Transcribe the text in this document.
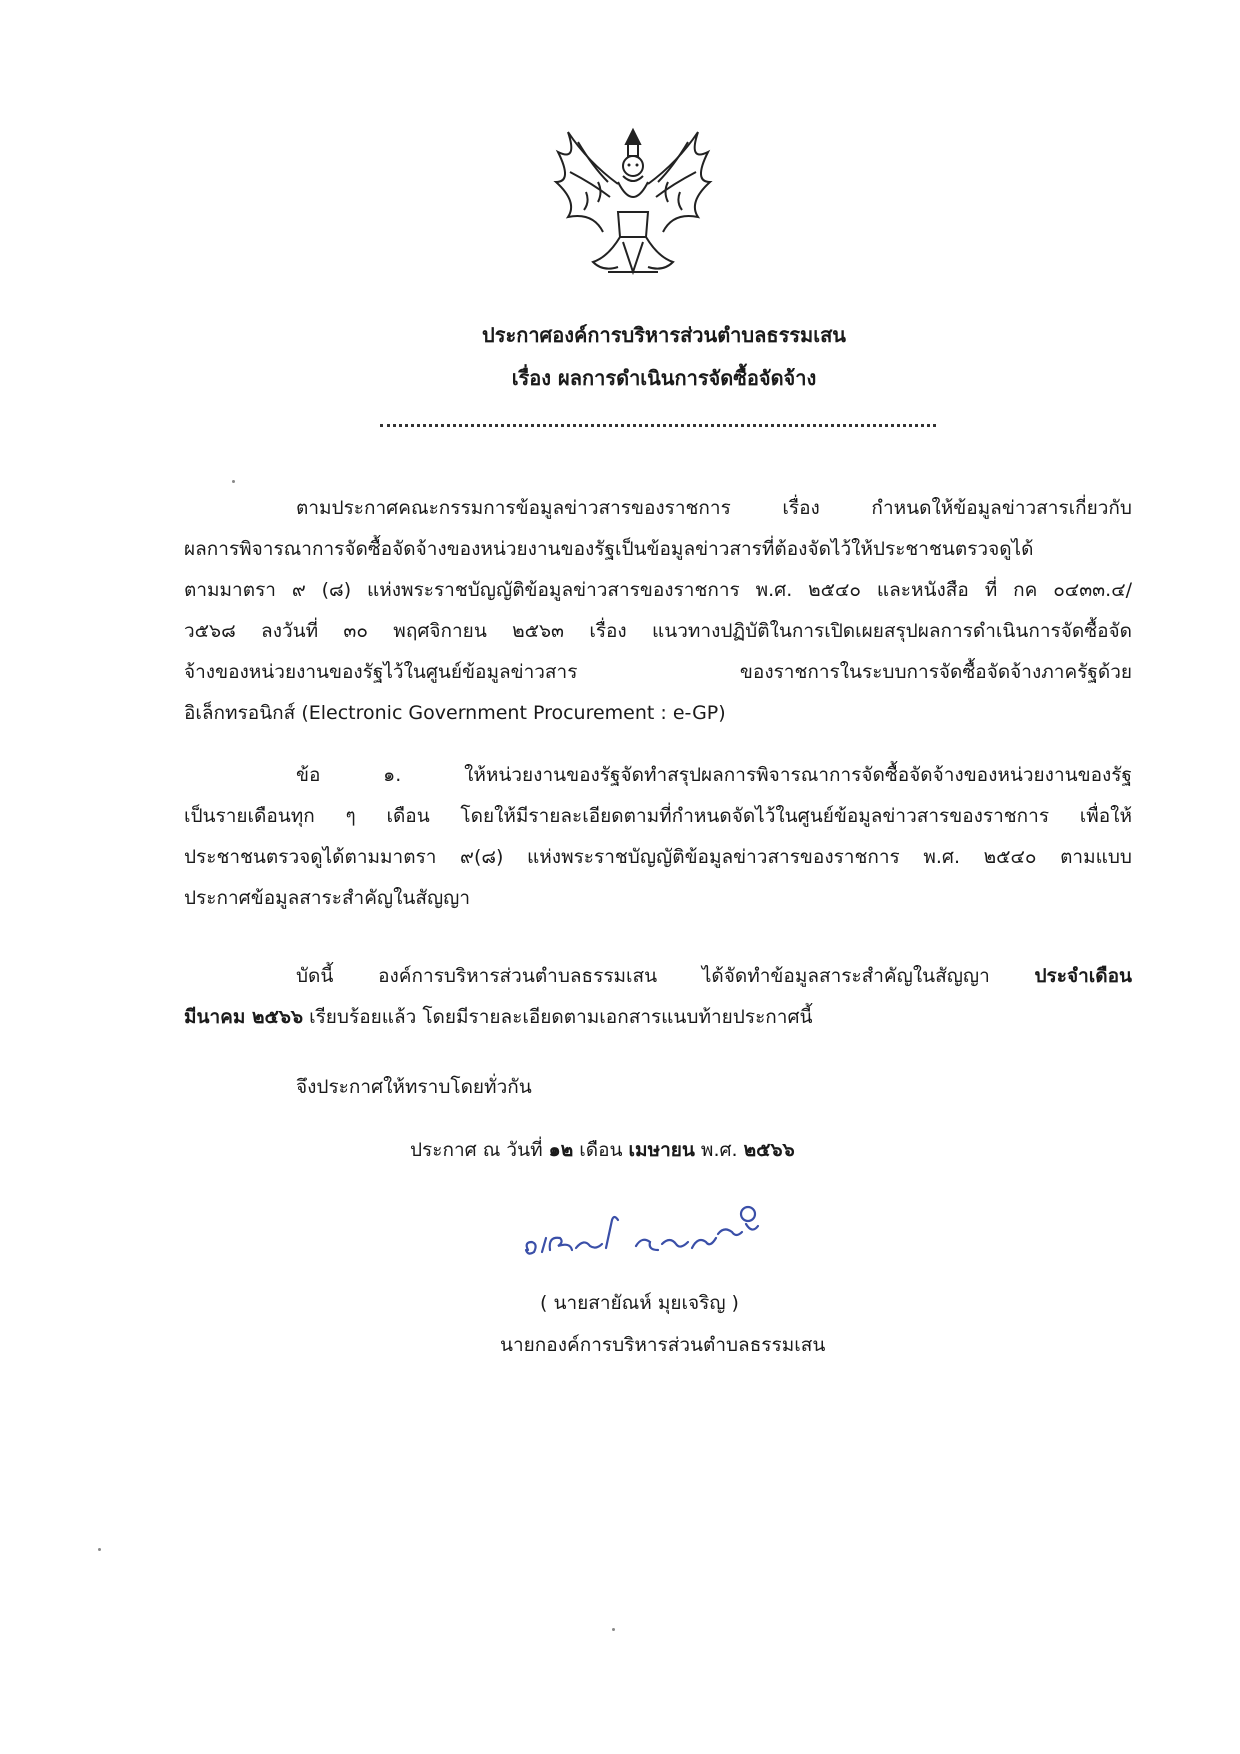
ประกาศองค์การบริหารส่วนตำบลธรรมเสน
เรื่อง ผลการดำเนินการจัดซื้อจัดจ้าง
ตามประกาศคณะกรรมการข้อมูลข่าวสารของราชการ เรื่อง กำหนดให้ข้อมูลข่าวสารเกี่ยวกับ
ผลการพิจารณาการจัดซื้อจัดจ้างของหน่วยงานของรัฐเป็นข้อมูลข่าวสารที่ต้องจัดไว้ให้ประชาชนตรวจดูได้
ตามมาตรา ๙ (๘) แห่งพระราชบัญญัติข้อมูลข่าวสารของราชการ พ.ศ. ๒๕๔๐ และหนังสือ ที่ กค ๐๔๓๓.๔/
ว๕๖๘ ลงวันที่ ๓๐ พฤศจิกายน ๒๕๖๓ เรื่อง แนวทางปฏิบัติในการเปิดเผยสรุปผลการดำเนินการจัดซื้อจัด
จ้างของหน่วยงานของรัฐไว้ในศูนย์ข้อมูลข่าวสาร ของราชการในระบบการจัดซื้อจัดจ้างภาครัฐด้วย
อิเล็กทรอนิกส์ (Electronic Government Procurement : e-GP)
ข้อ ๑. ให้หน่วยงานของรัฐจัดทำสรุปผลการพิจารณาการจัดซื้อจัดจ้างของหน่วยงานของรัฐ
เป็นรายเดือนทุก ๆ เดือน โดยให้มีรายละเอียดตามที่กำหนดจัดไว้ในศูนย์ข้อมูลข่าวสารของราชการ เพื่อให้
ประชาชนตรวจดูได้ตามมาตรา ๙(๘) แห่งพระราชบัญญัติข้อมูลข่าวสารของราชการ พ.ศ. ๒๕๔๐ ตามแบบ
ประกาศข้อมูลสาระสำคัญในสัญญา
บัดนี้ องค์การบริหารส่วนตำบลธรรมเสน ได้จัดทำข้อมูลสาระสำคัญในสัญญา ประจำเดือน
มีนาคม ๒๕๖๖ เรียบร้อยแล้ว โดยมีรายละเอียดตามเอกสารแนบท้ายประกาศนี้
จึงประกาศให้ทราบโดยทั่วกัน
ประกาศ ณ วันที่ ๑๒ เดือน เมษายน พ.ศ. ๒๕๖๖
( นายสายัณห์ มุยเจริญ )
นายกองค์การบริหารส่วนตำบลธรรมเสน
